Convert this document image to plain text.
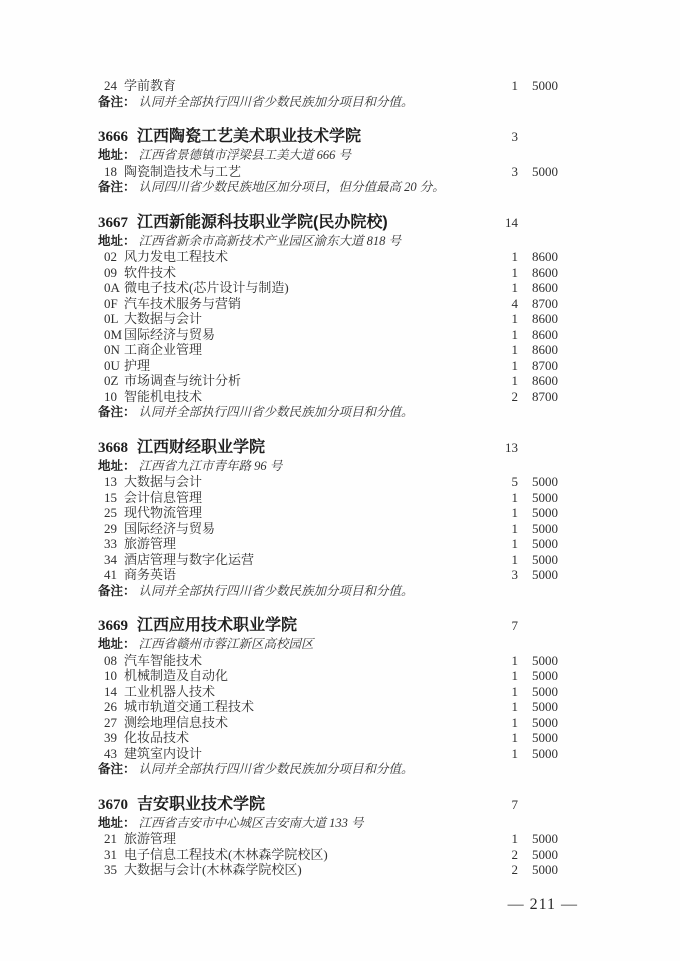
24 学前教育	1	5000
备注： 认同并全部执行四川省少数民族加分项目和分值。
3666 江西陶瓷工艺美术职业技术学院	3
地址： 江西省景德镇市浮梁县工美大道 666 号
18 陶瓷制造技术与工艺	3	5000
备注： 认同四川省少数民族地区加分项目，但分值最高 20 分。
3667 江西新能源科技职业学院(民办院校)	14
地址： 江西省新余市高新技术产业园区渝东大道 818 号
02 风力发电工程技术	1	8600
09 软件技术	1	8600
0A 微电子技术(芯片设计与制造)	1	8600
0F 汽车技术服务与营销	4	8700
0L 大数据与会计	1	8600
0M 国际经济与贸易	1	8600
0N 工商企业管理	1	8600
0U 护理	1	8700
0Z 市场调查与统计分析	1	8600
10 智能机电技术	2	8700
备注： 认同并全部执行四川省少数民族加分项目和分值。
3668 江西财经职业学院	13
地址： 江西省九江市青年路 96 号
13 大数据与会计	5	5000
15 会计信息管理	1	5000
25 现代物流管理	1	5000
29 国际经济与贸易	1	5000
33 旅游管理	1	5000
34 酒店管理与数字化运营	1	5000
41 商务英语	3	5000
备注： 认同并全部执行四川省少数民族加分项目和分值。
3669 江西应用技术职业学院	7
地址： 江西省赣州市蓉江新区高校园区
08 汽车智能技术	1	5000
10 机械制造及自动化	1	5000
14 工业机器人技术	1	5000
26 城市轨道交通工程技术	1	5000
27 测绘地理信息技术	1	5000
39 化妆品技术	1	5000
43 建筑室内设计	1	5000
备注： 认同并全部执行四川省少数民族加分项目和分值。
3670 吉安职业技术学院	7
地址： 江西省吉安市中心城区吉安南大道 133 号
21 旅游管理	1	5000
31 电子信息工程技术(木林森学院校区)	2	5000
35 大数据与会计(木林森学院校区)	2	5000
— 211 —
